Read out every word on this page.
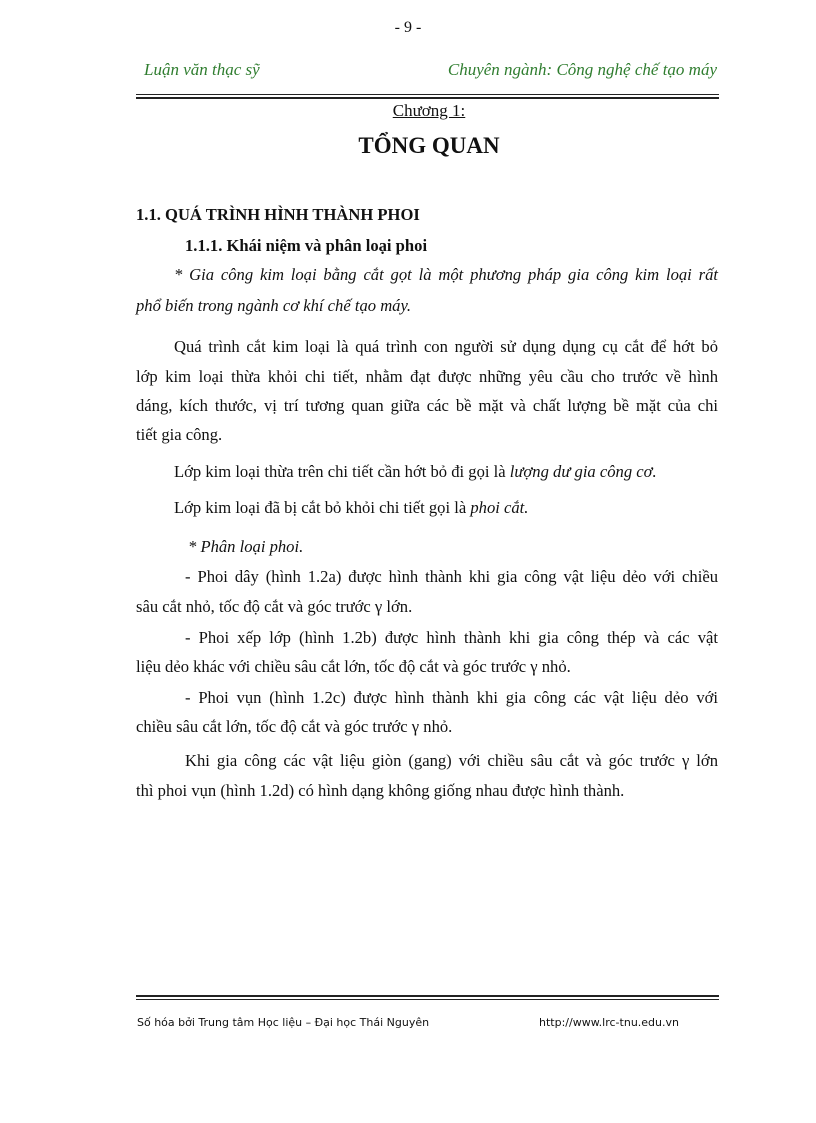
- 9 -
Luận văn thạc sỹ	Chuyên ngành: Công nghệ chế tạo máy
Chương 1:
TỔNG QUAN
1.1. QUÁ TRÌNH HÌNH THÀNH PHOI
1.1.1. Khái niệm và phân loại phoi
* Gia công kim loại bằng cắt gọt là một phương pháp gia công kim loại rất
phổ biến trong ngành cơ khí chế tạo máy.
Quá trình cắt kim loại là quá trình con người sử dụng dụng cụ cắt để hớt bỏ
lớp kim loại thừa khỏi chi tiết, nhằm đạt được những yêu cầu cho trước về hình
dáng, kích thước, vị trí tương quan giữa các bề mặt và chất lượng bề mặt của chi
tiết gia công.
Lớp kim loại thừa trên chi tiết cần hớt bỏ đi gọi là lượng dư gia công cơ.
Lớp kim loại đã bị cắt bỏ khỏi chi tiết gọi là phoi cắt.
* Phân loại phoi.
- Phoi dây (hình 1.2a) được hình thành khi gia công vật liệu dẻo với chiều
sâu cắt nhỏ, tốc độ cắt và góc trước γ lớn.
- Phoi xếp lớp (hình 1.2b) được hình thành khi gia công thép và các vật
liệu dẻo khác với chiều sâu cắt lớn, tốc độ cắt và góc trước γ nhỏ.
- Phoi vụn (hình 1.2c) được hình thành khi gia công các vật liệu dẻo với
chiều sâu cắt lớn, tốc độ cắt và góc trước γ nhỏ.
Khi gia công các vật liệu giòn (gang) với chiều sâu cắt và góc trước γ lớn
thì phoi vụn (hình 1.2d) có hình dạng không giống nhau được hình thành.
Số hóa bởi Trung tâm Học liệu – Đại học Thái Nguyên	http://www.lrc-tnu.edu.vn
